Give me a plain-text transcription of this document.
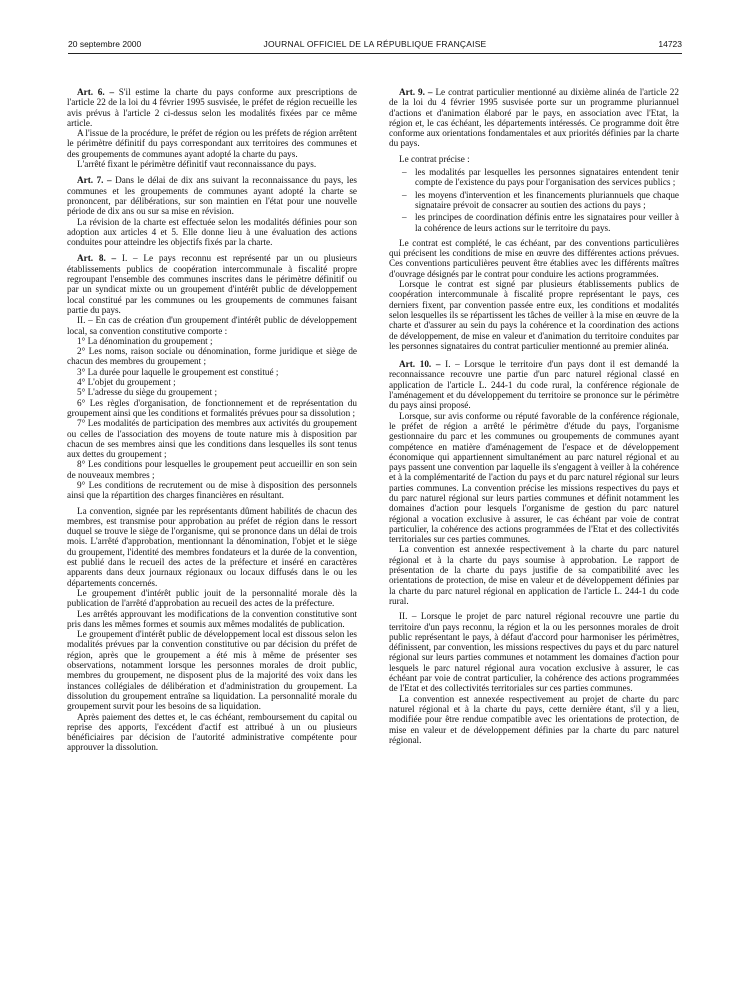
20 septembre 2000	JOURNAL OFFICIEL DE LA RÉPUBLIQUE FRANÇAISE	14723

Art. 6. – S'il estime la charte du pays conforme aux prescriptions de l'article 22 de la loi du 4 février 1995 susvisée, le préfet de région recueille les avis prévus à l'article 2 ci-dessus selon les modalités fixées par ce même article.

A l'issue de la procédure, le préfet de région ou les préfets de région arrêtent le périmètre définitif du pays correspondant aux territoires des communes et des groupements de communes ayant adopté la charte du pays.

L'arrêté fixant le périmètre définitif vaut reconnaissance du pays.

Art. 7. – Dans le délai de dix ans suivant la reconnaissance du pays, les communes et les groupements de communes ayant adopté la charte se prononcent, par délibérations, sur son maintien en l'état pour une nouvelle période de dix ans ou sur sa mise en révision.

La révision de la charte est effectuée selon les modalités définies pour son adoption aux articles 4 et 5. Elle donne lieu à une évaluation des actions conduites pour atteindre les objectifs fixés par la charte.

Art. 8. – I. – Le pays reconnu est représenté par un ou plusieurs établissements publics de coopération intercommunale à fiscalité propre regroupant l'ensemble des communes inscrites dans le périmètre définitif ou par un syndicat mixte ou un groupement d'intérêt public de développement local constitué par les communes ou les groupements de communes faisant partie du pays.

II. – En cas de création d'un groupement d'intérêt public de développement local, sa convention constitutive comporte :

1° La dénomination du groupement ;

2° Les noms, raison sociale ou dénomination, forme juridique et siège de chacun des membres du groupement ;

3° La durée pour laquelle le groupement est constitué ;

4° L'objet du groupement ;

5° L'adresse du siège du groupement ;

6° Les règles d'organisation, de fonctionnement et de représentation du groupement ainsi que les conditions et formalités prévues pour sa dissolution ;

7° Les modalités de participation des membres aux activités du groupement ou celles de l'association des moyens de toute nature mis à disposition par chacun de ses membres ainsi que les conditions dans lesquelles ils sont tenus aux dettes du groupement ;

8° Les conditions pour lesquelles le groupement peut accueillir en son sein de nouveaux membres ;

9° Les conditions de recrutement ou de mise à disposition des personnels ainsi que la répartition des charges financières en résultant.

La convention, signée par les représentants dûment habilités de chacun des membres, est transmise pour approbation au préfet de région dans le ressort duquel se trouve le siège de l'organisme, qui se prononce dans un délai de trois mois. L'arrêté d'approbation, mentionnant la dénomination, l'objet et le siège du groupement, l'identité des membres fondateurs et la durée de la convention, est publié dans le recueil des actes de la préfecture et inséré en caractères apparents dans deux journaux régionaux ou locaux diffusés dans le ou les départements concernés.

Le groupement d'intérêt public jouit de la personnalité morale dès la publication de l'arrêté d'approbation au recueil des actes de la préfecture.

Les arrêtés approuvant les modifications de la convention constitutive sont pris dans les mêmes formes et soumis aux mêmes modalités de publication.

Le groupement d'intérêt public de développement local est dissous selon les modalités prévues par la convention constitutive ou par décision du préfet de région, après que le groupement a été mis à même de présenter ses observations, notamment lorsque les personnes morales de droit public, membres du groupement, ne disposent plus de la majorité des voix dans les instances collégiales de délibération et d'administration du groupement. La dissolution du groupement entraîne sa liquidation. La personnalité morale du groupement survit pour les besoins de sa liquidation.

Après paiement des dettes et, le cas échéant, remboursement du capital ou reprise des apports, l'excédent d'actif est attribué à un ou plusieurs bénéficiaires par décision de l'autorité administrative compétente pour approuver la dissolution.

Art. 9. – Le contrat particulier mentionné au dixième alinéa de l'article 22 de la loi du 4 février 1995 susvisée porte sur un programme pluriannuel d'actions et d'animation élaboré par le pays, en association avec l'Etat, la région et, le cas échéant, les départements intéressés. Ce programme doit être conforme aux orientations fondamentales et aux priorités définies par la charte du pays.

Le contrat précise :

– les modalités par lesquelles les personnes signataires entendent tenir compte de l'existence du pays pour l'organisation des services publics ;
– les moyens d'intervention et les financements pluriannuels que chaque signataire prévoit de consacrer au soutien des actions du pays ;
– les principes de coordination définis entre les signataires pour veiller à la cohérence de leurs actions sur le territoire du pays.

Le contrat est complété, le cas échéant, par des conventions particulières qui précisent les conditions de mise en œuvre des différentes actions prévues. Ces conventions particulières peuvent être établies avec les différents maîtres d'ouvrage désignés par le contrat pour conduire les actions programmées.

Lorsque le contrat est signé par plusieurs établissements publics de coopération intercommunale à fiscalité propre représentant le pays, ces derniers fixent, par convention passée entre eux, les conditions et modalités selon lesquelles ils se répartissent les tâches de veiller à la mise en œuvre de la charte et d'assurer au sein du pays la cohérence et la coordination des actions de développement, de mise en valeur et d'animation du territoire conduites par les personnes signataires du contrat particulier mentionné au premier alinéa.

Art. 10. – I. – Lorsque le territoire d'un pays dont il est demandé la reconnaissance recouvre une partie d'un parc naturel régional classé en application de l'article L. 244-1 du code rural, la conférence régionale de l'aménagement et du développement du territoire se prononce sur le périmètre du pays ainsi proposé.

Lorsque, sur avis conforme ou réputé favorable de la conférence régionale, le préfet de région a arrêté le périmètre d'étude du pays, l'organisme gestionnaire du parc et les communes ou groupements de communes ayant compétence en matière d'aménagement de l'espace et de développement économique qui appartiennent simultanément au parc naturel régional et au pays passent une convention par laquelle ils s'engagent à veiller à la cohérence et à la complémentarité de l'action du pays et du parc naturel régional sur leurs parties communes. La convention précise les missions respectives du pays et du parc naturel régional sur leurs parties communes et définit notamment les domaines d'action pour lesquels l'organisme de gestion du parc naturel régional a vocation exclusive à assurer, le cas échéant par voie de contrat particulier, la cohérence des actions programmées de l'Etat et des collectivités territoriales sur ces parties communes.

La convention est annexée respectivement à la charte du parc naturel régional et à la charte du pays soumise à approbation. Le rapport de présentation de la charte du pays justifie de sa compatibilité avec les orientations de protection, de mise en valeur et de développement définies par la charte du parc naturel régional en application de l'article L. 244-1 du code rural.

II. – Lorsque le projet de parc naturel régional recouvre une partie du territoire d'un pays reconnu, la région et la ou les personnes morales de droit public représentant le pays, à défaut d'accord pour harmoniser les périmètres, définissent, par convention, les missions respectives du pays et du parc naturel régional sur leurs parties communes et notamment les domaines d'action pour lesquels le parc naturel régional aura vocation exclusive à assurer, le cas échéant par voie de contrat particulier, la cohérence des actions programmées de l'Etat et des collectivités territoriales sur ces parties communes.

La convention est annexée respectivement au projet de charte du parc naturel régional et à la charte du pays, cette dernière étant, s'il y a lieu, modifiée pour être rendue compatible avec les orientations de protection, de mise en valeur et de développement définies par la charte du parc naturel régional.
